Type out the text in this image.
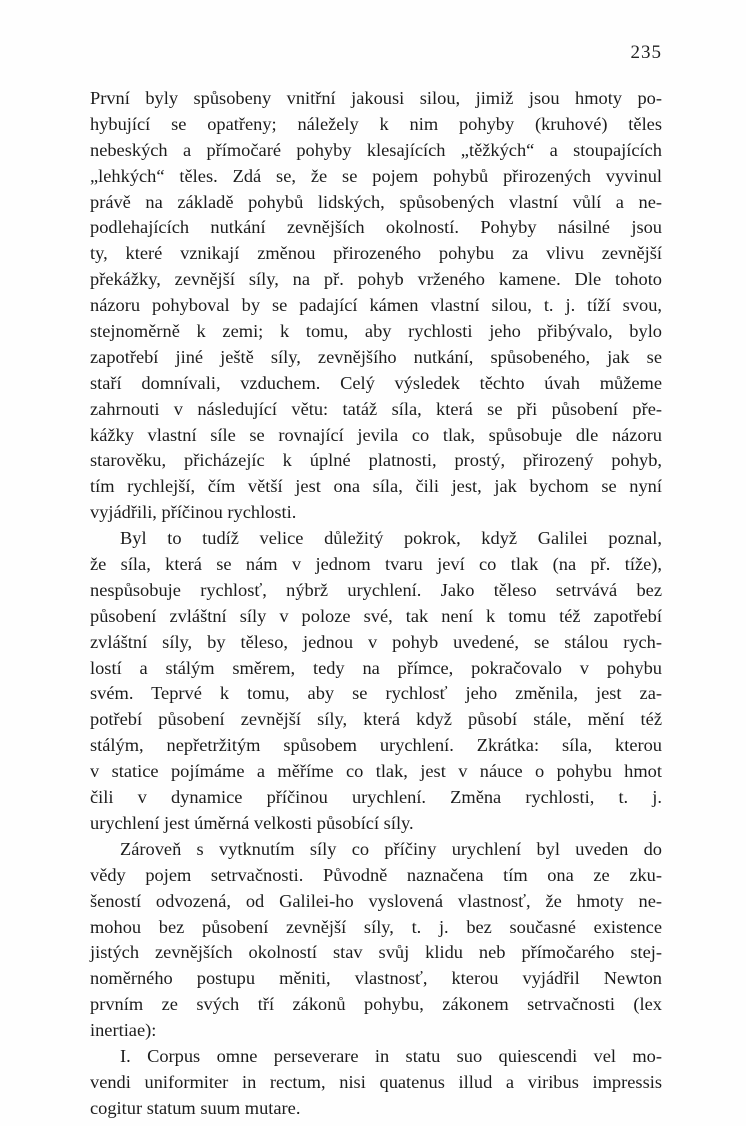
235
První byly spůsobeny vnitřní jakousi silou, jimiž jsou hmoty po-
hybující se opatřeny; náležely k nim pohyby (kruhové) těles
nebeských a přímočaré pohyby klesajících „těžkých“ a stoupajících
„lehkých“ těles. Zdá se, že se pojem pohybů přirozených vyvinul
právě na základě pohybů lidských, spůsobených vlastní vůlí a ne-
podlehajících nutkání zevnějších okolností. Pohyby násilné jsou
ty, které vznikají změnou přirozeného pohybu za vlivu zevnější
překážky, zevnější síly, na př. pohyb vrženého kamene. Dle tohoto
názoru pohyboval by se padající kámen vlastní silou, t. j. tíží svou,
stejnoměrně k zemi; k tomu, aby rychlosti jeho přibývalo, bylo
zapotřebí jiné ještě síly, zevnějšího nutkání, spůsobeného, jak se
staří domnívali, vzduchem. Celý výsledek těchto úvah můžeme
zahrnouti v následující větu: tatáž síla, která se při působení pře-
kážky vlastní síle se rovnající jevila co tlak, spůsobuje dle názoru
starověku, přicházejíc k úplné platnosti, prostý, přirozený pohyb,
tím rychlejší, čím větší jest ona síla, čili jest, jak bychom se nyní
vyjádřili, příčinou rychlosti.
Byl to tudíž velice důležitý pokrok, když Galilei poznal,
že síla, která se nám v jednom tvaru jeví co tlak (na př. tíže),
nespůsobuje rychlosť, nýbrž urychlení. Jako těleso setrvává bez
působení zvláštní síly v poloze své, tak není k tomu též zapotřebí
zvláštní síly, by těleso, jednou v pohyb uvedené, se stálou rych-
lostí a stálým směrem, tedy na přímce, pokračovalo v pohybu
svém. Teprvé k tomu, aby se rychlosť jeho změnila, jest za-
potřebí působení zevnější síly, která když působí stále, mění též
stálým, nepřetržitým spůsobem urychlení. Zkrátka: síla, kterou
v statice pojímáme a měříme co tlak, jest v náuce o pohybu hmot
čili v dynamice příčinou urychlení. Změna rychlosti, t. j.
urychlení jest úměrná velkosti působící síly.
Zároveň s vytknutím síly co příčiny urychlení byl uveden do
vědy pojem setrvačnosti. Původně naznačena tím ona ze zku-
šeností odvozená, od Galilei-ho vyslovená vlastnosť, že hmoty ne-
mohou bez působení zevnější síly, t. j. bez současné existence
jistých zevnějších okolností stav svůj klidu neb přímočarého stej-
noměrného postupu měniti, vlastnosť, kterou vyjádřil Newton
prvním ze svých tří zákonů pohybu, zákonem setrvačnosti (lex
inertiae):
I. Corpus omne perseverare in statu suo quiescendi vel mo-
vendi uniformiter in rectum, nisi quatenus illud a viribus impressis
cogitur statum suum mutare.
